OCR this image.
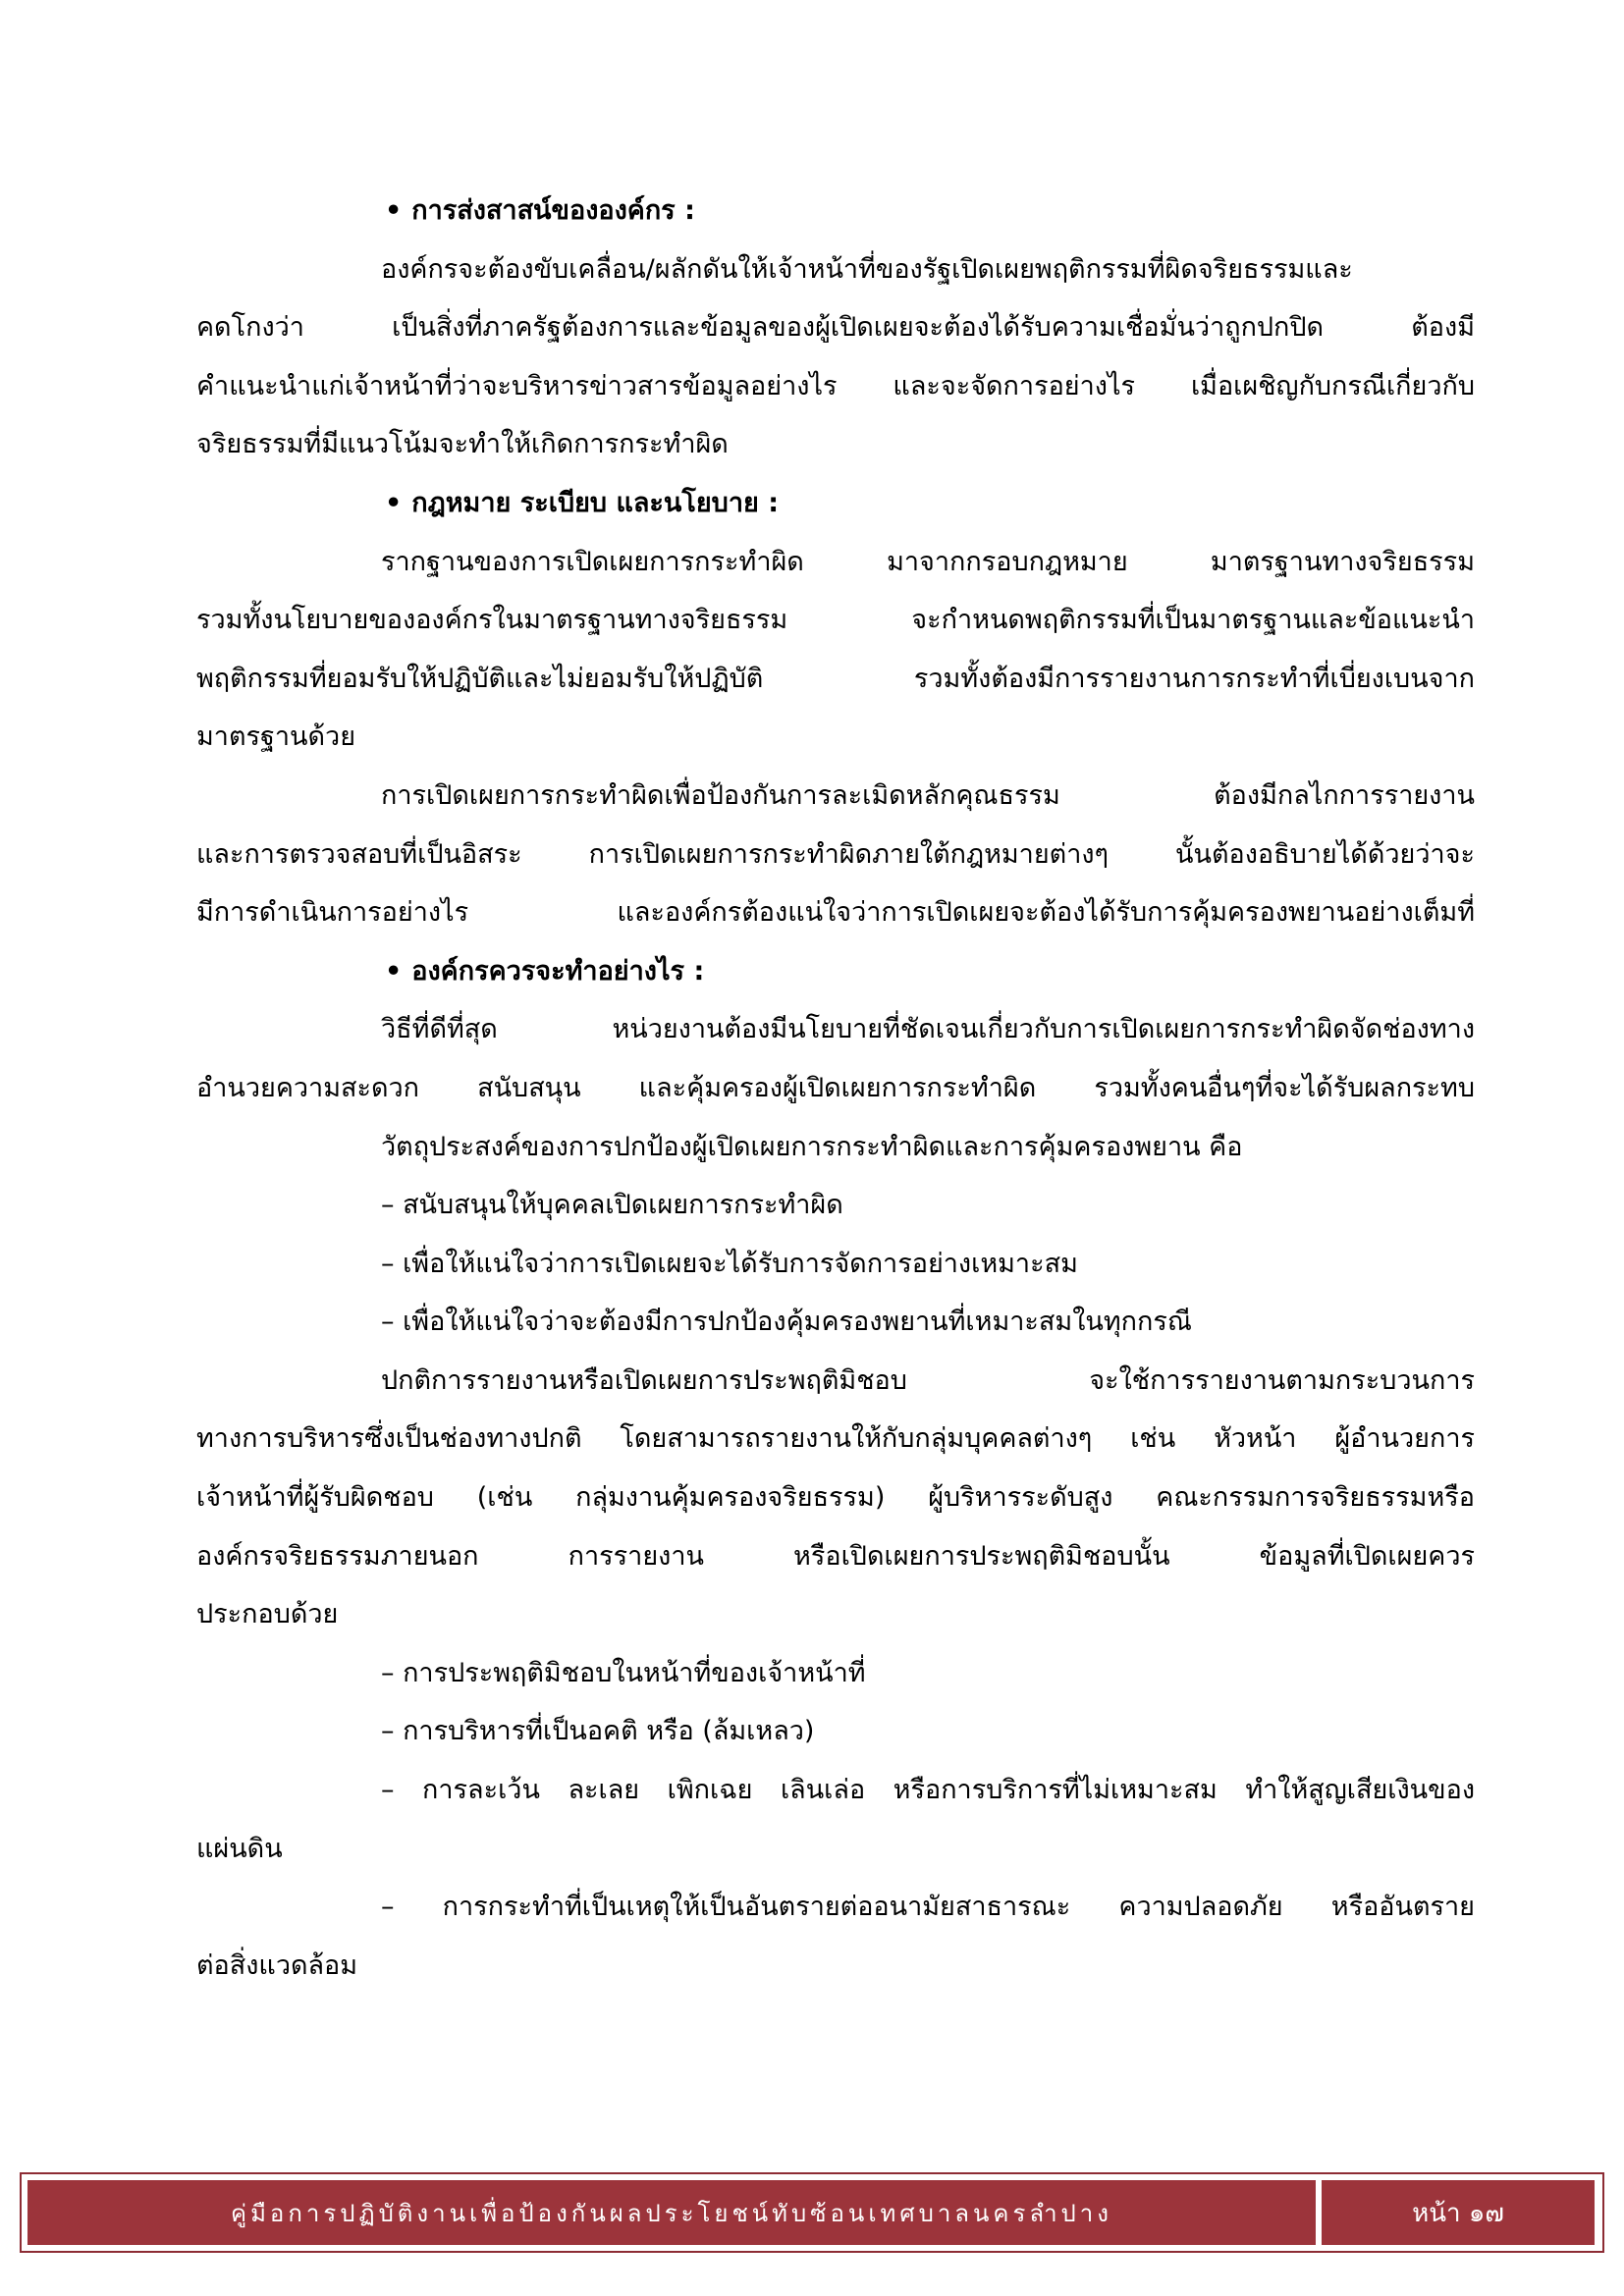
• การส่งสาสน์ขององค์กร :
องค์กรจะต้องขับเคลื่อน/ผลักดันให้เจ้าหน้าที่ของรัฐเปิดเผยพฤติกรรมที่ผิดจริยธรรมและ
คดโกงว่า เป็นสิ่งที่ภาครัฐต้องการและข้อมูลของผู้เปิดเผยจะต้องได้รับความเชื่อมั่นว่าถูกปกปิด ต้องมี
คำแนะนำแก่เจ้าหน้าที่ว่าจะบริหารข่าวสารข้อมูลอย่างไร และจะจัดการอย่างไร เมื่อเผชิญกับกรณีเกี่ยวกับ
จริยธรรมที่มีแนวโน้มจะทำให้เกิดการกระทำผิด
• กฎหมาย ระเบียบ และนโยบาย :
รากฐานของการเปิดเผยการกระทำผิด มาจากกรอบกฎหมาย มาตรฐานทางจริยธรรม
รวมทั้งนโยบายขององค์กรในมาตรฐานทางจริยธรรม จะกำหนดพฤติกรรมที่เป็นมาตรฐานและข้อแนะนำ
พฤติกรรมที่ยอมรับให้ปฏิบัติและไม่ยอมรับให้ปฏิบัติ รวมทั้งต้องมีการรายงานการกระทำที่เบี่ยงเบนจาก
มาตรฐานด้วย
การเปิดเผยการกระทำผิดเพื่อป้องกันการละเมิดหลักคุณธรรม ต้องมีกลไกการรายงาน
และการตรวจสอบที่เป็นอิสระ การเปิดเผยการกระทำผิดภายใต้กฎหมายต่างๆ นั้นต้องอธิบายได้ด้วยว่าจะ
มีการดำเนินการอย่างไร และองค์กรต้องแน่ใจว่าการเปิดเผยจะต้องได้รับการคุ้มครองพยานอย่างเต็มที่
• องค์กรควรจะทำอย่างไร :
วิธีที่ดีที่สุด หน่วยงานต้องมีนโยบายที่ชัดเจนเกี่ยวกับการเปิดเผยการกระทำผิดจัดช่องทาง
อำนวยความสะดวก สนับสนุน และคุ้มครองผู้เปิดเผยการกระทำผิด รวมทั้งคนอื่นๆที่จะได้รับผลกระทบ
วัตถุประสงค์ของการปกป้องผู้เปิดเผยการกระทำผิดและการคุ้มครองพยาน คือ
– สนับสนุนให้บุคคลเปิดเผยการกระทำผิด
– เพื่อให้แน่ใจว่าการเปิดเผยจะได้รับการจัดการอย่างเหมาะสม
– เพื่อให้แน่ใจว่าจะต้องมีการปกป้องคุ้มครองพยานที่เหมาะสมในทุกกรณี
ปกติการรายงานหรือเปิดเผยการประพฤติมิชอบ จะใช้การรายงานตามกระบวนการ
ทางการบริหารซึ่งเป็นช่องทางปกติ โดยสามารถรายงานให้กับกลุ่มบุคคลต่างๆ เช่น หัวหน้า ผู้อำนวยการ
เจ้าหน้าที่ผู้รับผิดชอบ (เช่น กลุ่มงานคุ้มครองจริยธรรม) ผู้บริหารระดับสูง คณะกรรมการจริยธรรมหรือ
องค์กรจริยธรรมภายนอก การรายงาน หรือเปิดเผยการประพฤติมิชอบนั้น ข้อมูลที่เปิดเผยควร
ประกอบด้วย
– การประพฤติมิชอบในหน้าที่ของเจ้าหน้าที่
– การบริหารที่เป็นอคติ หรือ (ล้มเหลว)
– การละเว้น ละเลย เพิกเฉย เลินเล่อ หรือการบริการที่ไม่เหมาะสม ทำให้สูญเสียเงินของ
แผ่นดิน
– การกระทำที่เป็นเหตุให้เป็นอันตรายต่ออนามัยสาธารณะ ความปลอดภัย หรืออันตราย
ต่อสิ่งแวดล้อม
คู่มือการปฏิบัติงานเพื่อป้องกันผลประโยชน์ทับซ้อนเทศบาลนครลำปาง	หน้า ๑๗
